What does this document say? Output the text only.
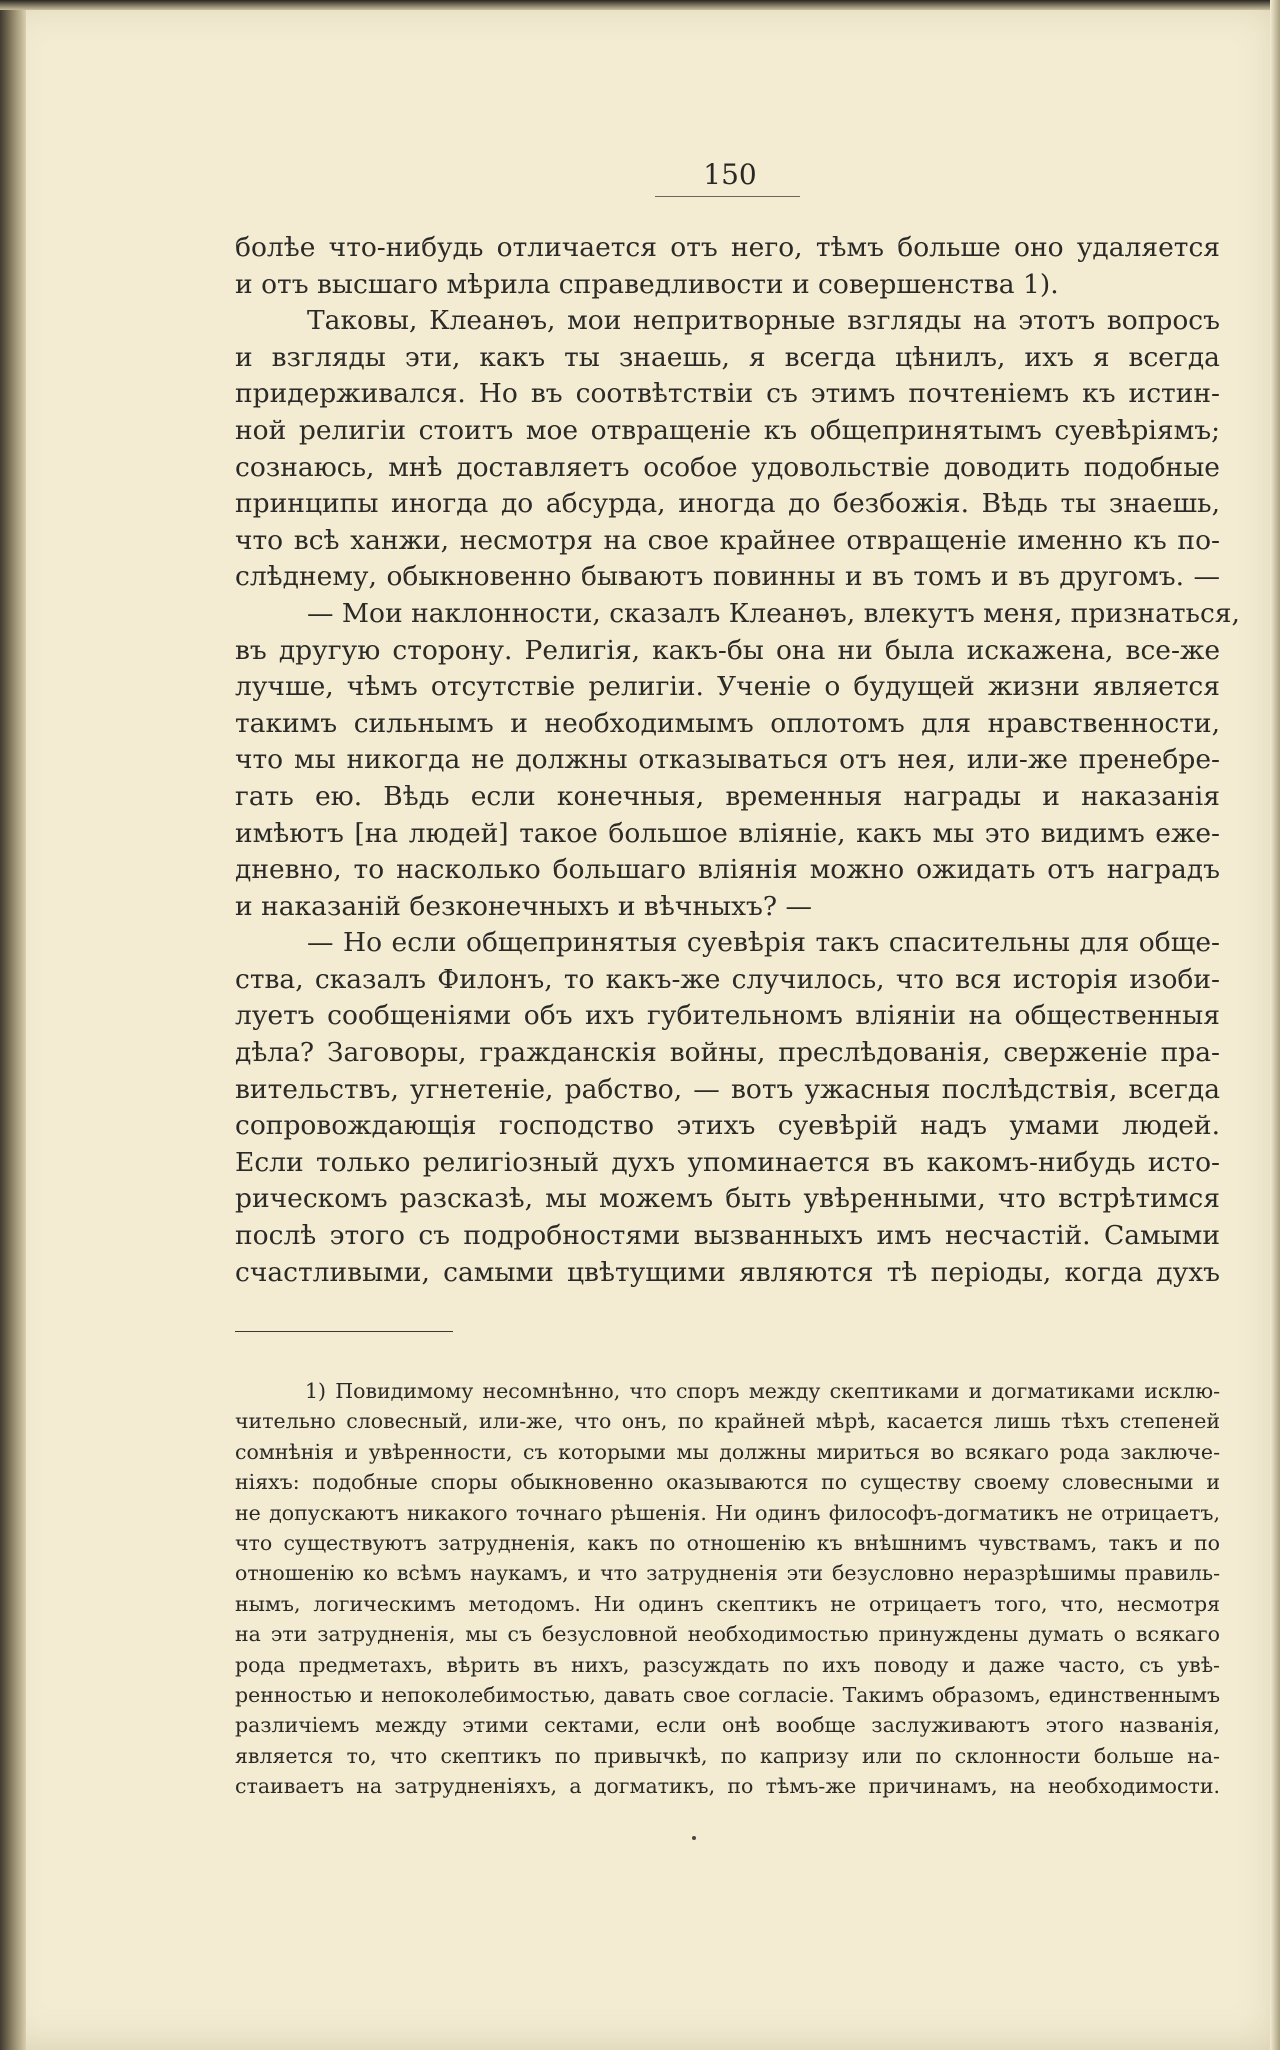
150
болѣе что-нибудь отличается отъ него, тѣмъ больше оно удаляется
и отъ высшаго мѣрила справедливости и совершенства 1).
Таковы, Клеанѳъ, мои непритворные взгляды на этотъ вопросъ
и взгляды эти, какъ ты знаешь, я всегда цѣнилъ, ихъ я всегда
придерживался. Но въ соотвѣтствіи съ этимъ почтеніемъ къ истин-
ной религіи стоитъ мое отвращеніе къ общепринятымъ суевѣріямъ;
сознаюсь, мнѣ доставляетъ особое удовольствіе доводить подобные
принципы иногда до абсурда, иногда до безбожія. Вѣдь ты знаешь,
что всѣ ханжи, несмотря на свое крайнее отвращеніе именно къ по-
слѣднему, обыкновенно бываютъ повинны и въ томъ и въ другомъ. —
— Мои наклонности, сказалъ Клеанѳъ, влекутъ меня, признаться,
въ другую сторону. Религія, какъ-бы она ни была искажена, все-же
лучше, чѣмъ отсутствіе религіи. Ученіе о будущей жизни является
такимъ сильнымъ и необходимымъ оплотомъ для нравственности,
что мы никогда не должны отказываться отъ нея, или-же пренебре-
гать ею. Вѣдь если конечныя, временныя награды и наказанія
имѣютъ [на людей] такое большое вліяніе, какъ мы это видимъ еже-
дневно, то насколько большаго вліянія можно ожидать отъ наградъ
и наказаній безконечныхъ и вѣчныхъ? —
— Но если общепринятыя суевѣрія такъ спасительны для обще-
ства, сказалъ Филонъ, то какъ-же случилось, что вся исторія изоби-
луетъ сообщеніями объ ихъ губительномъ вліяніи на общественныя
дѣла? Заговоры, гражданскія войны, преслѣдованія, сверженіе пра-
вительствъ, угнетеніе, рабство, — вотъ ужасныя послѣдствія, всегда
сопровождающія господство этихъ суевѣрій надъ умами людей.
Если только религіозный духъ упоминается въ какомъ-нибудь исто-
рическомъ разсказѣ, мы можемъ быть увѣренными, что встрѣтимся
послѣ этого съ подробностями вызванныхъ имъ несчастій. Самыми
счастливыми, самыми цвѣтущими являются тѣ періоды, когда духъ
1) Повидимому несомнѣнно, что споръ между скептиками и догматиками исклю-
чительно словесный, или-же, что онъ, по крайней мѣрѣ, касается лишь тѣхъ степеней
сомнѣнія и увѣренности, съ которыми мы должны мириться во всякаго рода заключе-
ніяхъ: подобные споры обыкновенно оказываются по существу своему словесными и
не допускаютъ никакого точнаго рѣшенія. Ни одинъ философъ-догматикъ не отрицаетъ,
что существуютъ затрудненія, какъ по отношенію къ внѣшнимъ чувствамъ, такъ и по
отношенію ко всѣмъ наукамъ, и что затрудненія эти безусловно неразрѣшимы правиль-
нымъ, логическимъ методомъ. Ни одинъ скептикъ не отрицаетъ того, что, несмотря
на эти затрудненія, мы съ безусловной необходимостью принуждены думать о всякаго
рода предметахъ, вѣрить въ нихъ, разсуждать по ихъ поводу и даже часто, съ увѣ-
ренностью и непоколебимостью, давать свое согласіе. Такимъ образомъ, единственнымъ
различіемъ между этими сектами, если онѣ вообще заслуживаютъ этого названія,
является то, что скептикъ по привычкѣ, по капризу или по склонности больше на-
стаиваетъ на затрудненіяхъ, а догматикъ, по тѣмъ-же причинамъ, на необходимости.
